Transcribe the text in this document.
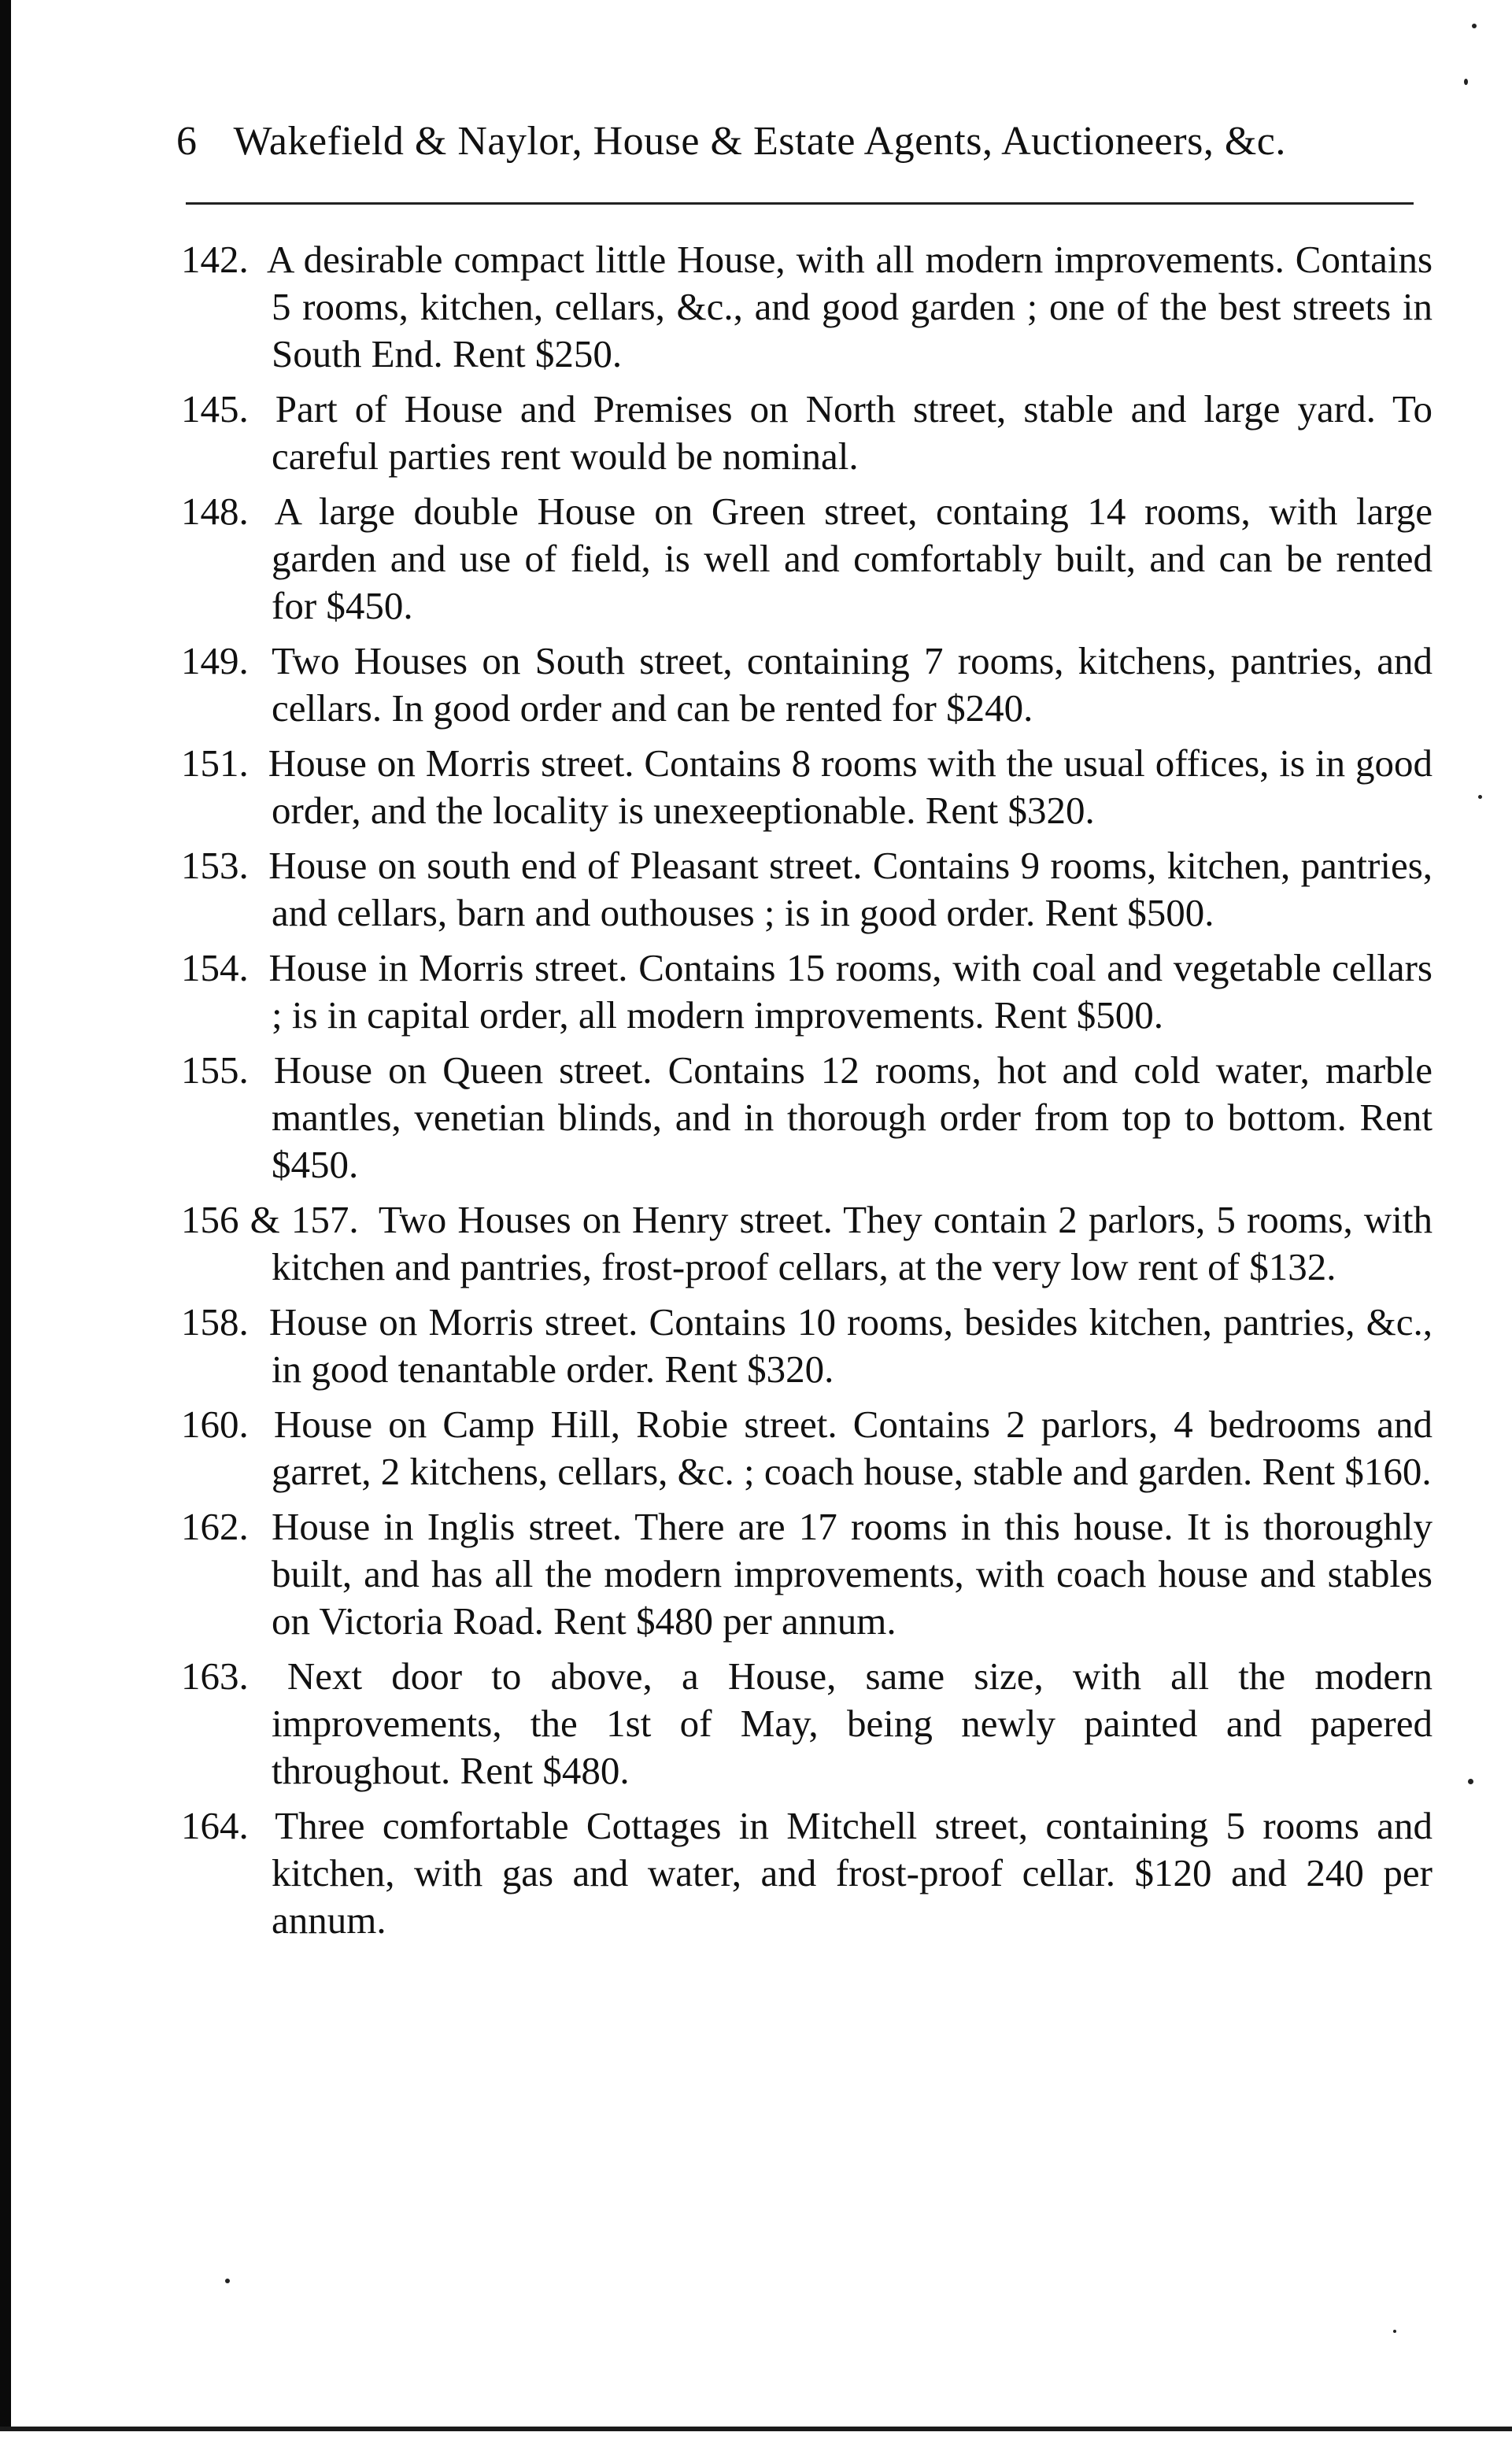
6 Wakefield & Naylor, House & Estate Agents, Auctioneers, &c.

142. A desirable compact little House, with all modern improvements. Contains 5 rooms, kitchen, cellars, &c., and good garden ; one of the best streets in South End. Rent $250.

145. Part of House and Premises on North street, stable and large yard. To careful parties rent would be nominal.

148. A large double House on Green street, containg 14 rooms, with large garden and use of field, is well and comfortably built, and can be rented for $450.

149. Two Houses on South street, containing 7 rooms, kitchens, pantries, and cellars. In good order and can be rented for $240.

151. House on Morris street. Contains 8 rooms with the usual offices, is in good order, and the locality is unexeeptionable. Rent $320.

153. House on south end of Pleasant street. Contains 9 rooms, kitchen, pantries, and cellars, barn and outhouses ; is in good order. Rent $500.

154. House in Morris street. Contains 15 rooms, with coal and vegetable cellars ; is in capital order, all modern improvements. Rent $500.

155. House on Queen street. Contains 12 rooms, hot and cold water, marble mantles, venetian blinds, and in thorough order from top to bottom. Rent $450.

156 & 157. Two Houses on Henry street. They contain 2 parlors, 5 rooms, with kitchen and pantries, frost-proof cellars, at the very low rent of $132.

158. House on Morris street. Contains 10 rooms, besides kitchen, pantries, &c., in good tenantable order. Rent $320.

160. House on Camp Hill, Robie street. Contains 2 parlors, 4 bedrooms and garret, 2 kitchens, cellars, &c. ; coach house, stable and garden. Rent $160.

162. House in Inglis street. There are 17 rooms in this house. It is thoroughly built, and has all the modern improvements, with coach house and stables on Victoria Road. Rent $480 per annum.

163. Next door to above, a House, same size, with all the modern improvements, the 1st of May, being newly painted and papered throughout. Rent $480.

164. Three comfortable Cottages in Mitchell street, containing 5 rooms and kitchen, with gas and water, and frost-proof cellar. $120 and 240 per annum.
